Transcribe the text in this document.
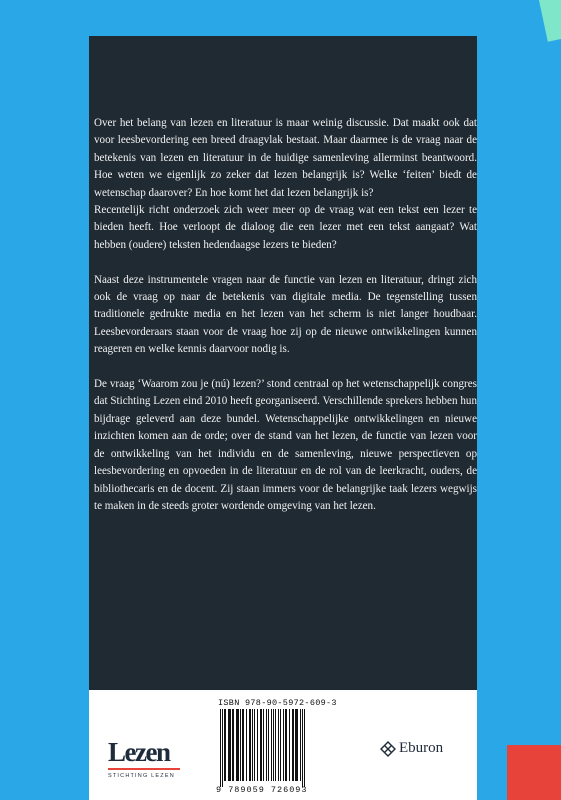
Over het belang van lezen en literatuur is maar weinig discussie. Dat maakt ook dat voor leesbevordering een breed draagvlak bestaat. Maar daarmee is de vraag naar de betekenis van lezen en literatuur in de huidige samenleving allerminst beantwoord. Hoe weten we eigenlijk zo zeker dat lezen belangrijk is? Welke ‘feiten’ biedt de wetenschap daarover? En hoe komt het dat lezen belangrijk is?

Recentelijk richt onderzoek zich weer meer op de vraag wat een tekst een lezer te bieden heeft. Hoe verloopt de dialoog die een lezer met een tekst aangaat? Wat hebben (oudere) teksten hedendaagse lezers te bieden?

Naast deze instrumentele vragen naar de functie van lezen en literatuur, dringt zich ook de vraag op naar de betekenis van digitale media. De tegenstelling tussen traditionele gedrukte media en het lezen van het scherm is niet langer houdbaar. Leesbevorderaars staan voor de vraag hoe zij op de nieuwe ontwikkelingen kunnen reageren en welke kennis daarvoor nodig is.

De vraag ‘Waarom zou je (nú) lezen?’ stond centraal op het wetenschappelijk congres dat Stichting Lezen eind 2010 heeft georganiseerd. Verschillende sprekers hebben hun bijdrage geleverd aan deze bundel. Wetenschappelijke ontwikkelingen en nieuwe inzichten komen aan de orde; over de stand van het lezen, de functie van lezen voor de ontwikkeling van het individu en de samenleving, nieuwe perspectieven op leesbevordering en opvoeden in de literatuur en de rol van de leerkracht, ouders, de bibliothecaris en de docent. Zij staan immers voor de belangrijke taak lezers wegwijs te maken in de steeds groter wordende omgeving van het lezen.

ISBN 978-90-5972-609-3
9 789059 726093
Lezen
STICHTING LEZEN
Eburon
